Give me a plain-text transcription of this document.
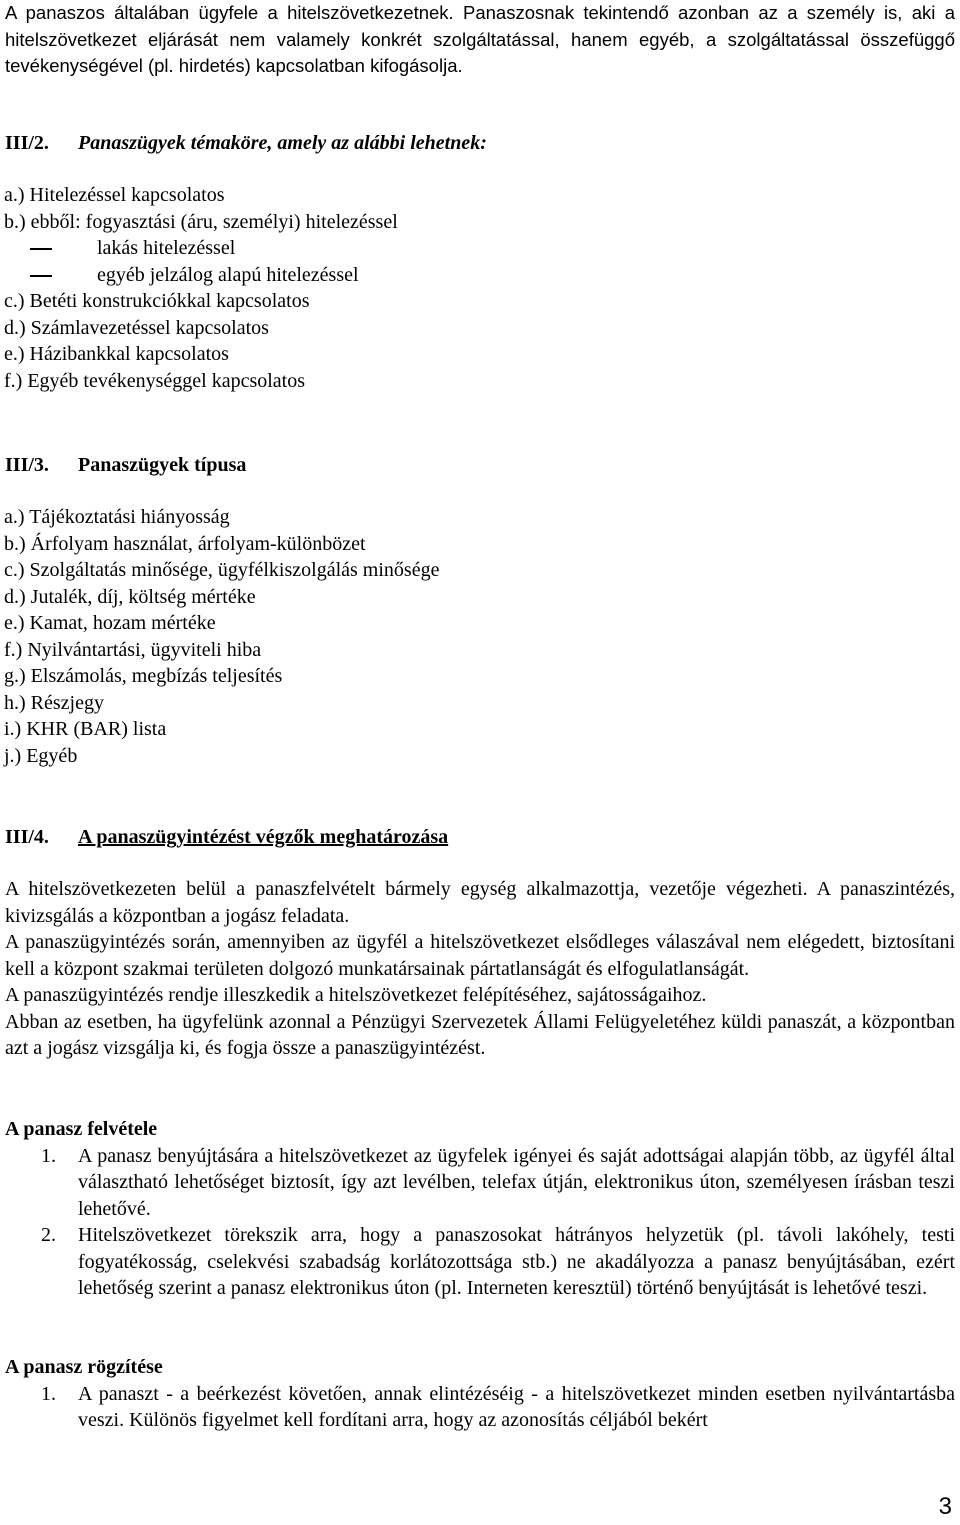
A panaszos általában ügyfele a hitelszövetkezetnek. Panaszosnak tekintendő azonban az a személy is, aki a hitelszövetkezet eljárását nem valamely konkrét szolgáltatással, hanem egyéb, a szolgáltatással összefüggő tevékenységével (pl. hirdetés) kapcsolatban kifogásolja.

III/2. Panaszügyek témaköre, amely az alábbi lehetnek:

a.) Hitelezéssel kapcsolatos
b.) ebből: fogyasztási (áru, személyi) hitelezéssel
lakás hitelezéssel
egyéb jelzálog alapú hitelezéssel
c.) Betéti konstrukciókkal kapcsolatos
d.) Számlavezetéssel kapcsolatos
e.) Házibankkal kapcsolatos
f.) Egyéb tevékenységgel kapcsolatos

III/3. Panaszügyek típusa

a.) Tájékoztatási hiányosság
b.) Árfolyam használat, árfolyam-különbözet
c.) Szolgáltatás minősége, ügyfélkiszolgálás minősége
d.) Jutalék, díj, költség mértéke
e.) Kamat, hozam mértéke
f.) Nyilvántartási, ügyviteli hiba
g.) Elszámolás, megbízás teljesítés
h.) Részjegy
i.) KHR (BAR) lista
j.) Egyéb

III/4. A panaszügyintézést végzők meghatározása

A hitelszövetkezeten belül a panaszfelvételt bármely egység alkalmazottja, vezetője végezheti. A panaszintézés, kivizsgálás a központban a jogász feladata.

A panaszügyintézés során, amennyiben az ügyfél a hitelszövetkezet elsődleges válaszával nem elégedett, biztosítani kell a központ szakmai területen dolgozó munkatársainak pártatlanságát és elfogulatlanságát.

A panaszügyintézés rendje illeszkedik a hitelszövetkezet felépítéséhez, sajátosságaihoz.

Abban az esetben, ha ügyfelünk azonnal a Pénzügyi Szervezetek Állami Felügyeletéhez küldi panaszát, a központban azt a jogász vizsgálja ki, és fogja össze a panaszügyintézést.

A panasz felvétele

1. A panasz benyújtására a hitelszövetkezet az ügyfelek igényei és saját adottságai alapján több, az ügyfél által választható lehetőséget biztosít, így azt levélben, telefax útján, elektronikus úton, személyesen írásban teszi lehetővé.
2. Hitelszövetkezet törekszik arra, hogy a panaszosokat hátrányos helyzetük (pl. távoli lakóhely, testi fogyatékosság, cselekvési szabadság korlátozottsága stb.) ne akadályozza a panasz benyújtásában, ezért lehetőség szerint a panasz elektronikus úton (pl. Interneten keresztül) történő benyújtását is lehetővé teszi.

A panasz rögzítése

1. A panaszt - a beérkezést követően, annak elintézéséig - a hitelszövetkezet minden esetben nyilvántartásba veszi. Különös figyelmet kell fordítani arra, hogy az azonosítás céljából bekért
3
